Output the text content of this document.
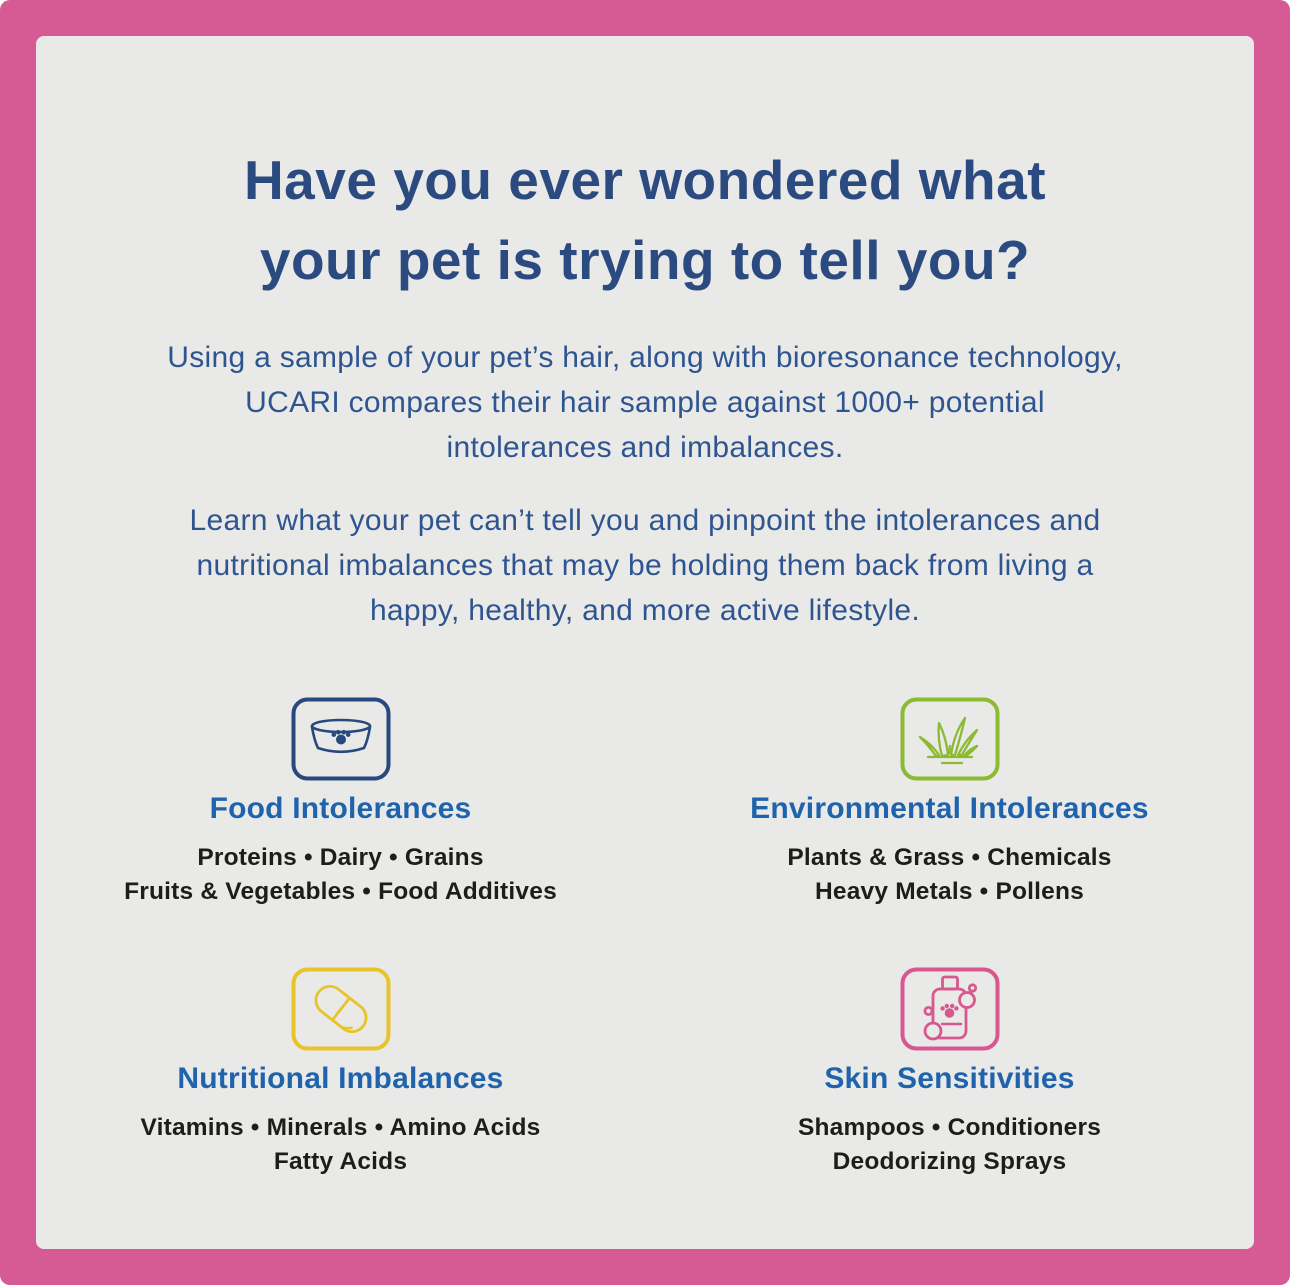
Have you ever wondered what
your pet is trying to tell you?
Using a sample of your pet’s hair, along with bioresonance technology,
UCARI compares their hair sample against 1000+ potential
intolerances and imbalances.
Learn what your pet can’t tell you and pinpoint the intolerances and
nutritional imbalances that may be holding them back from living a
happy, healthy, and more active lifestyle.
Food Intolerances
Proteins • Dairy • Grains
Fruits & Vegetables • Food Additives
Environmental Intolerances
Plants & Grass • Chemicals
Heavy Metals • Pollens
Nutritional Imbalances
Vitamins • Minerals • Amino Acids
Fatty Acids
Skin Sensitivities
Shampoos • Conditioners
Deodorizing Sprays
